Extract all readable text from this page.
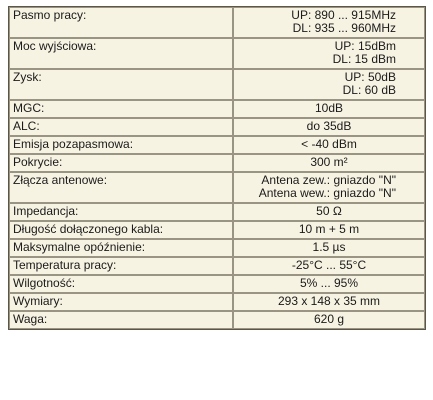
Pasmo pracy:	UP: 890 ... 915MHz
DL: 935 ... 960MHz

Moc wyjściowa:	UP: 15dBm
DL: 15 dBm

Zysk:	UP: 50dB
DL: 60 dB

MGC:	10dB

ALC:	do 35dB

Emisja pozapasmowa:	< -40 dBm

Pokrycie:	300 m²

Złącza antenowe:	Antena zew.: gniazdo "N"
Antena wew.: gniazdo "N"

Impedancja:	50 Ω

Długość dołączonego kabla:	10 m + 5 m

Maksymalne opóźnienie:	1.5 µs

Temperatura pracy:	-25°C ... 55°C

Wilgotność:	5% ... 95%

Wymiary:	293 x 148 x 35 mm

Waga:	620 g
